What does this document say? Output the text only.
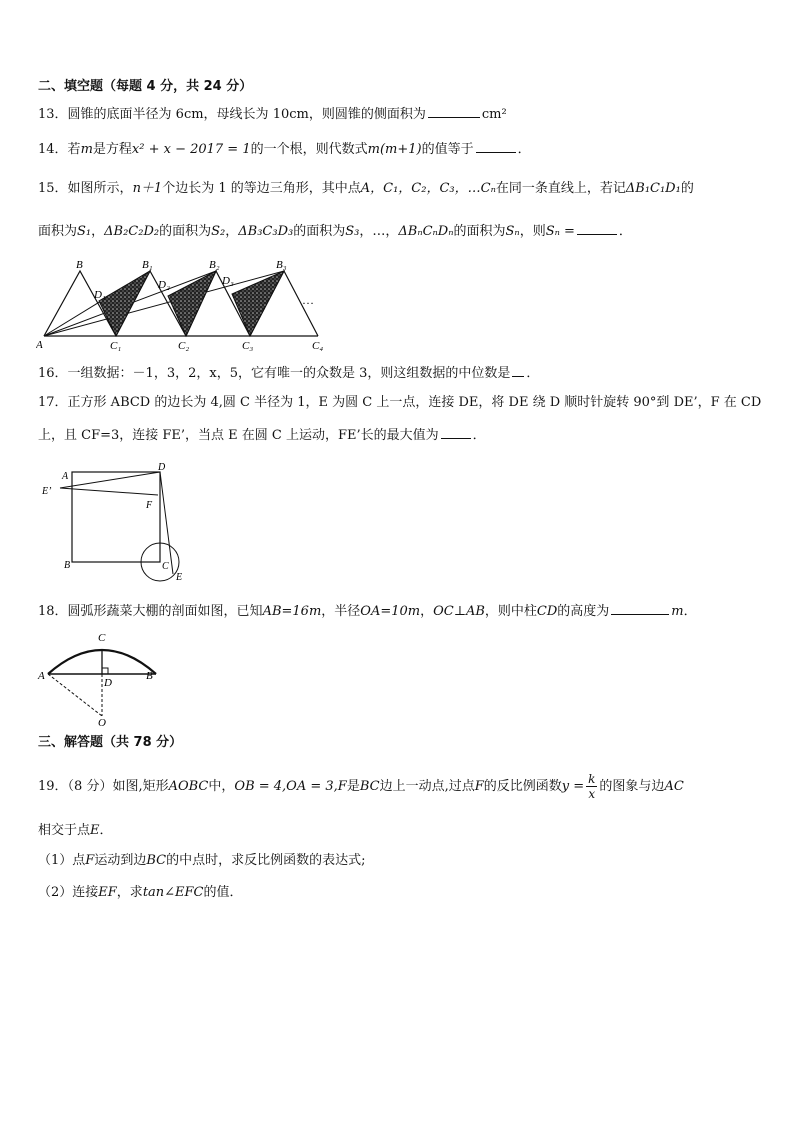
二、填空题（每题 4 分，共 24 分）
13．圆锥的底面半径为 6cm，母线长为 10cm，则圆锥的侧面积为	cm²
14．若m是方程x² + x − 2017 = 1的一个根，则代数式m(m+1)的值等于	．
15．如图所示，n＋1个边长为 1 的等边三角形，其中点A，C₁，C₂，C₃，…Cₙ在同一条直线上，若记ΔB₁C₁D₁的
面积为S₁，ΔB₂C₂D₂的面积为S₂，ΔB₃C₃D₃的面积为S₃，…，ΔBₙCₙDₙ的面积为Sₙ，则Sₙ =	．
B	B₁	B₂	B₃
D₁
D₂	D₃
A	C₁	C₂	C₃	C₄
…
16．一组数据：－1，3，2，x，5，它有唯一的众数是 3，则这组数据的中位数是 ．
17．正方形 ABCD 的边长为 4,圆 C 半径为 1，E 为圆 C 上一点，连接 DE，将 DE 绕 D 顺时针旋转 90°到 DE’，F 在 CD
上，且 CF=3，连接 FE’，当点 E 在圆 C 上运动，FE’长的最大值为	．
A
D
E’
F
B	C
E
18．圆弧形蔬菜大棚的剖面如图，已知AB=16m，半径OA=10m，OC⊥AB，则中柱CD的高度为	m．
C
A	B
D
O
三、解答题（共 78 分）
19．（8 分）如图,矩形AOBC中，OB = 4,OA = 3,F是BC边上一动点,过点F的反比例函数$y = \frac{k}{x}$ 的图象与边AC
相交于点E．
（1）点F运动到边BC的中点时，求反比例函数的表达式;
（2）连接EF，求tan∠EFC的值．
